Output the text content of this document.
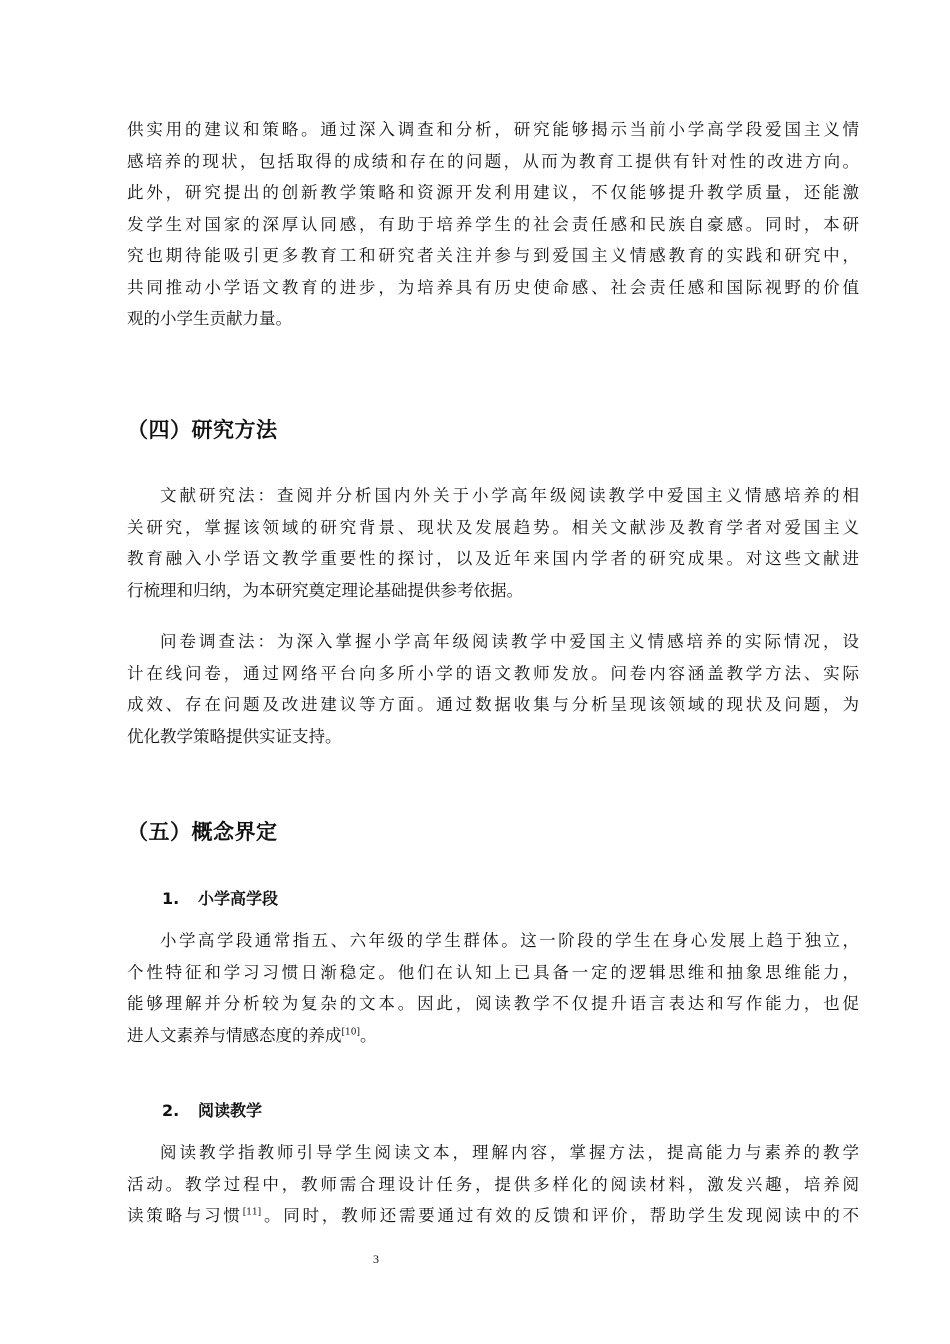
供实用的建议和策略。通过深入调查和分析，研究能够揭示当前小学高学段爱国主义情
感培养的现状，包括取得的成绩和存在的问题，从而为教育工提供有针对性的改进方向。
此外，研究提出的创新教学策略和资源开发利用建议，不仅能够提升教学质量，还能激
发学生对国家的深厚认同感，有助于培养学生的社会责任感和民族自豪感。同时，本研
究也期待能吸引更多教育工和研究者关注并参与到爱国主义情感教育的实践和研究中，
共同推动小学语文教育的进步，为培养具有历史使命感、社会责任感和国际视野的价值
观的小学生贡献力量。
（四）研究方法
文献研究法：查阅并分析国内外关于小学高年级阅读教学中爱国主义情感培养的相
关研究，掌握该领域的研究背景、现状及发展趋势。相关文献涉及教育学者对爱国主义
教育融入小学语文教学重要性的探讨，以及近年来国内学者的研究成果。对这些文献进
行梳理和归纳，为本研究奠定理论基础提供参考依据。
问卷调查法：为深入掌握小学高年级阅读教学中爱国主义情感培养的实际情况，设
计在线问卷，通过网络平台向多所小学的语文教师发放。问卷内容涵盖教学方法、实际
成效、存在问题及改进建议等方面。通过数据收集与分析呈现该领域的现状及问题，为
优化教学策略提供实证支持。
（五）概念界定
1. 小学高学段
小学高学段通常指五、六年级的学生群体。这一阶段的学生在身心发展上趋于独立，
个性特征和学习习惯日渐稳定。他们在认知上已具备一定的逻辑思维和抽象思维能力，
能够理解并分析较为复杂的文本。因此，阅读教学不仅提升语言表达和写作能力，也促
进人文素养与情感态度的养成[10]。
2. 阅读教学
阅读教学指教师引导学生阅读文本，理解内容，掌握方法，提高能力与素养的教学
活动。教学过程中，教师需合理设计任务，提供多样化的阅读材料，激发兴趣，培养阅
读策略与习惯[11]。同时，教师还需要通过有效的反馈和评价，帮助学生发现阅读中的不
3
